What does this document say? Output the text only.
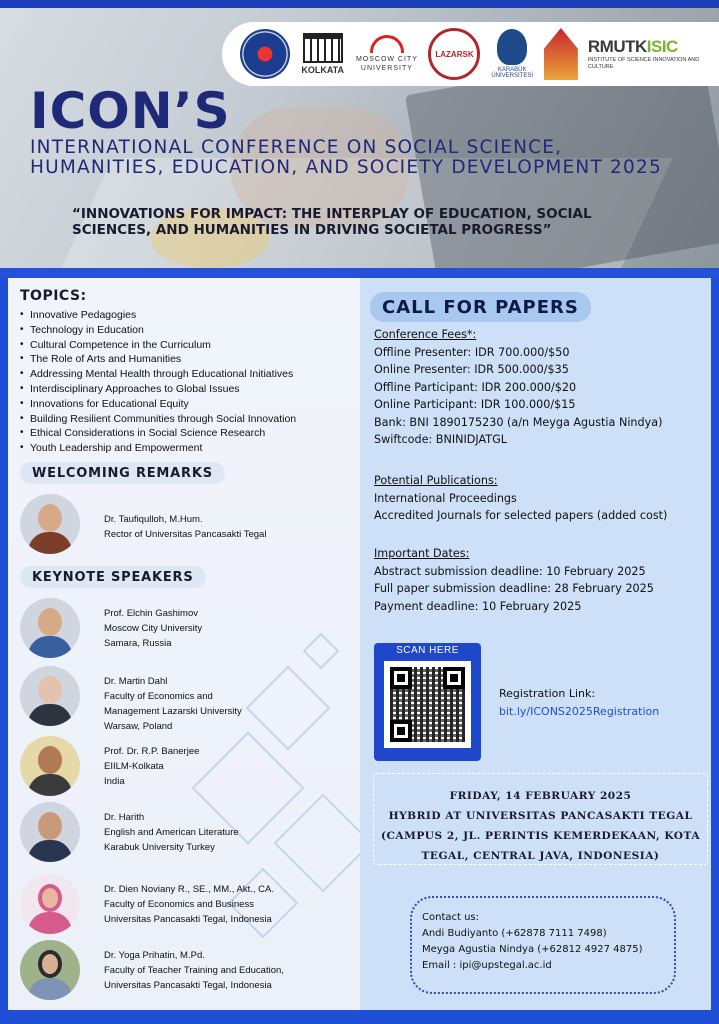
KOLKATA
MOSCOW CITY UNIVERSITY
LAZARSK
KARABÜK ÜNİVERSİTESİ
RMUTKISIC
INSTITUTE OF SCIENCE INNOVATION AND CULTURE
ICON’S
INTERNATIONAL CONFERENCE ON SOCIAL SCIENCE, HUMANITIES, EDUCATION, AND SOCIETY DEVELOPMENT 2025
“INNOVATIONS FOR IMPACT: THE INTERPLAY OF EDUCATION, SOCIAL SCIENCES, AND HUMANITIES IN DRIVING SOCIETAL PROGRESS”
TOPICS:
• Innovative Pedagogies
• Technology in Education
• Cultural Competence in the Curriculum
• The Role of Arts and Humanities
• Addressing Mental Health through Educational Initiatives
• Interdisciplinary Approaches to Global Issues
• Innovations for Educational Equity
• Building Resilient Communities through Social Innovation
• Ethical Considerations in Social Science Research
• Youth Leadership and Empowerment
WELCOMING REMARKS
Dr. Taufiqulloh, M.Hum.
Rector of Universitas Pancasakti Tegal
KEYNOTE SPEAKERS
Prof. Elchin Gashimov
Moscow City University
Samara, Russia
Dr. Martin Dahl
Faculty of Economics and
Management Lazarski University
Warsaw, Poland
Prof. Dr. R.P. Banerjee
EIILM-Kolkata
India
Dr. Harith
English and American Literature
Karabuk University Turkey
Dr. Dien Noviany R., SE., MM., Akt., CA.
Faculty of Economics and Business
Universitas Pancasakti Tegal, Indonesia
Dr. Yoga Prihatin, M.Pd.
Faculty of Teacher Training and Education,
Universitas Pancasakti Tegal, Indonesia
CALL FOR PAPERS
Conference Fees*:
Offline Presenter: IDR 700.000/$50
Online Presenter: IDR 500.000/$35
Offline Participant: IDR 200.000/$20
Online Participant: IDR 100.000/$15
Bank: BNI 1890175230 (a/n Meyga Agustia Nindya)
Swiftcode: BNINIDJATGL
Potential Publications:
International Proceedings
Accredited Journals for selected papers (added cost)
Important Dates:
Abstract submission deadline: 10 February 2025
Full paper submission deadline: 28 February 2025
Payment deadline: 10 February 2025
SCAN HERE
Registration Link:
bit.ly/ICONS2025Registration
FRIDAY, 14 FEBRUARY 2025
HYBRID AT UNIVERSITAS PANCASAKTI TEGAL
(CAMPUS 2, JL. PERINTIS KEMERDEKAAN, KOTA
TEGAL, CENTRAL JAVA, INDONESIA)
Contact us:
Andi Budiyanto (+62878 7111 7498)
Meyga Agustia Nindya (+62812 4927 4875)
Email : ipi@upstegal.ac.id
